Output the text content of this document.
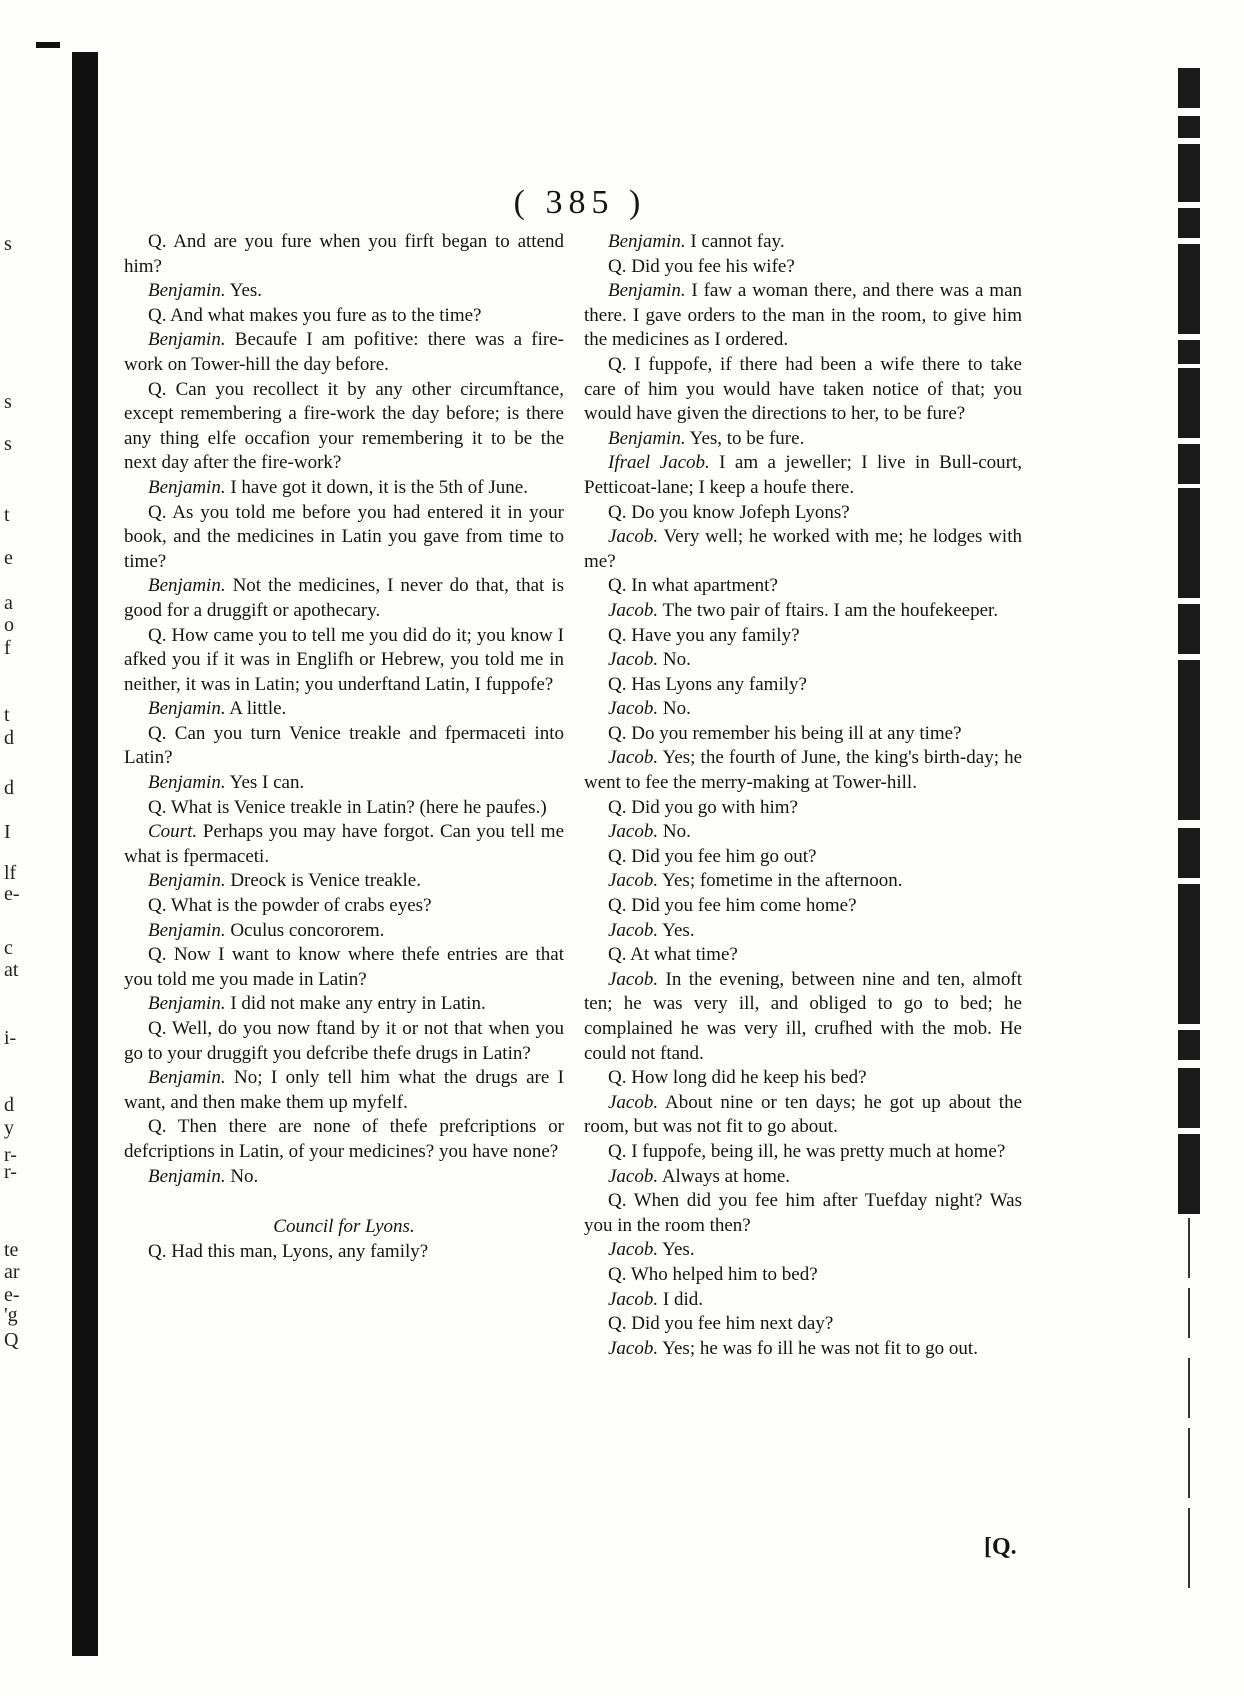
s
s
s
t
e
a
o
f
t
d
d
I
lf
e-
c
at
i-
d
y
r-
r-
te
ar
e-
'g
Q
( 385 )

Q. And are you fure when you firft began to attend him?

Benjamin. Yes.

Q. And what makes you fure as to the time?

Benjamin. Becaufe I am pofitive: there was a fire-work on Tower-hill the day before.

Q. Can you recollect it by any other circumftance, except remembering a fire-work the day before; is there any thing elfe occafion your remembering it to be the next day after the fire-work?

Benjamin. I have got it down, it is the 5th of June.

Q. As you told me before you had entered it in your book, and the medicines in Latin you gave from time to time?

Benjamin. Not the medicines, I never do that, that is good for a druggift or apothecary.

Q. How came you to tell me you did do it; you know I afked you if it was in Englifh or Hebrew, you told me in neither, it was in Latin; you underftand Latin, I fuppofe?

Benjamin. A little.

Q. Can you turn Venice treakle and fpermaceti into Latin?

Benjamin. Yes I can.

Q. What is Venice treakle in Latin? (here he paufes.)

Court. Perhaps you may have forgot. Can you tell me what is fpermaceti.

Benjamin. Dreock is Venice treakle.

Q. What is the powder of crabs eyes?

Benjamin. Oculus concororem.

Q. Now I want to know where thefe entries are that you told me you made in Latin?

Benjamin. I did not make any entry in Latin.

Q. Well, do you now ftand by it or not that when you go to your druggift you defcribe thefe drugs in Latin?

Benjamin. No; I only tell him what the drugs are I want, and then make them up myfelf.

Q. Then there are none of thefe prefcriptions or defcriptions in Latin, of your medicines? you have none?

Benjamin. No.

Council for Lyons.

Q. Had this man, Lyons, any family?

Benjamin. I cannot fay.

Q. Did you fee his wife?

Benjamin. I faw a woman there, and there was a man there. I gave orders to the man in the room, to give him the medicines as I ordered.

Q. I fuppofe, if there had been a wife there to take care of him you would have taken notice of that; you would have given the directions to her, to be fure?

Benjamin. Yes, to be fure.

Ifrael Jacob. I am a jeweller; I live in Bull-court, Petticoat-lane; I keep a houfe there.

Q. Do you know Jofeph Lyons?

Jacob. Very well; he worked with me; he lodges with me?

Q. In what apartment?

Jacob. The two pair of ftairs. I am the houfekeeper.

Q. Have you any family?

Jacob. No.

Q. Has Lyons any family?

Jacob. No.

Q. Do you remember his being ill at any time?

Jacob. Yes; the fourth of June, the king's birth-day; he went to fee the merry-making at Tower-hill.

Q. Did you go with him?

Jacob. No.

Q. Did you fee him go out?

Jacob. Yes; fometime in the afternoon.

Q. Did you fee him come home?

Jacob. Yes.

Q. At what time?

Jacob. In the evening, between nine and ten, almoft ten; he was very ill, and obliged to go to bed; he complained he was very ill, crufhed with the mob. He could not ftand.

Q. How long did he keep his bed?

Jacob. About nine or ten days; he got up about the room, but was not fit to go about.

Q. I fuppofe, being ill, he was pretty much at home?

Jacob. Always at home.

Q. When did you fee him after Tuefday night? Was you in the room then?

Jacob. Yes.

Q. Who helped him to bed?

Jacob. I did.

Q. Did you fee him next day?

Jacob. Yes; he was fo ill he was not fit to go out.

[Q.
